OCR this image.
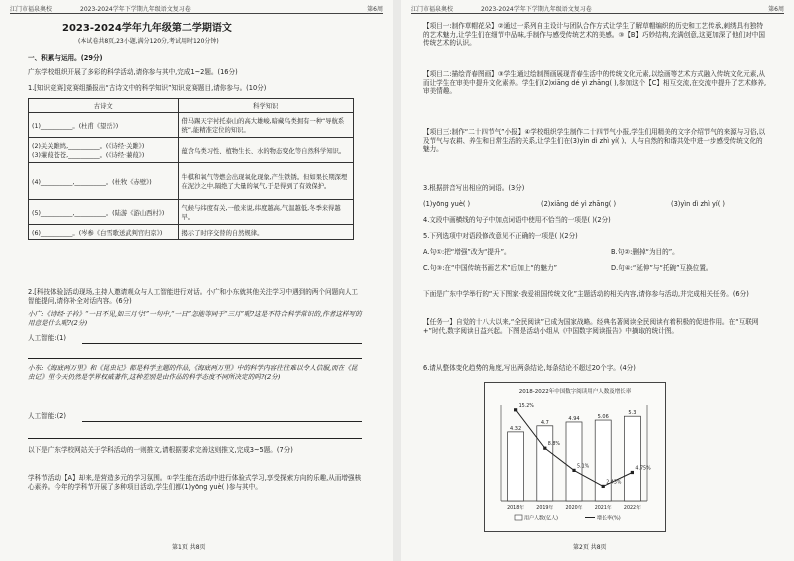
江门市福泉奥校	2023-2024学年下学期九年级语文复习卷	第6周
2023-2024学年九年级第二学期语文
(本试卷共8页,23小题,满分120分,考试用时120分钟)
一、积累与运用。(29分)
广东学校组织开展了多彩的科学活动,请你参与其中,完成1~2题。(16分)
1.[知识竞赛]竞赛组播报出“古诗文中的科学知识”知识竞赛题目,请你参与。(10分)
古诗文	科学知识
(1)__________。(杜甫《望岳》)	借马踢天宇衬托泰山的高大雄峻,暗藏鸟类拥有一种“导航系统”,能精准定位的知识。
(2)关关雎鸠,__________。(《诗经·关雎》)
(3)蒹葭苍苍,__________。(《诗经·蒹葭》)	蕴含鸟类习性、植物生长、水的物态变化等自然科学知识。
(4)__________,__________。(杜牧《赤壁》)	牛棋和氧气等燃会出现氧化现象,产生铁锈。但如果长期深埋在泥沙之中,隔绝了大量的氧气,于是得到了有效保护。
(5)__________,__________。(陆游《游山西村》)	气候与纬度有关,一般来说,纬度越高,气温越低,冬季来得越早。
(6)__________。(岑参《白雪歌送武判官归京》)	揭示了时序交替的自然规律。
2.[科技体验]活动现场,主持人邀请观众与人工智能进行对话。小广和小东就其他关注学习中遇到的两个问题向人工智能提问,请你补全对话内容。(6分)
小广:《诗经·子衿》“一日不见,如三月兮!”一句中,“一日”怎能等同于“三月”呢?这是不符合科学常识的,作者这样写的用意是什么呢?(2分)
人工智能:(1)
小东:《海底两万里》和《昆虫记》都是科学主题的作品,《海底两万里》中的科学内容往往难以令人信服,而在《昆虫记》里今天仍然是学界权威著作,这种差别是由作品的科学态度不同所决定的吗?(2分)
人工智能:(2)
以下是广东学校网站关于学科活动的一则推文,请根据要求完善这则推文,完成3~5题。(7分)
学科节活动【A】却来,是营造多元的学习氛围。①学生能在活动中进行体验式学习,享受探索方向的乐趣,从而增强核心素养。今年的学科节开展了多种项目活动,学生们都(1)yōng yuè( )参与其中。
第1页 共8页
江门市福泉奥校	2023-2024学年下学期九年级语文复习卷	第6周
【项目一:制作草帽花朵】②通过一系列自主设计与团队合作方式让学生了解草帽编织的历史和工艺传承,刺绣具有独特的艺术魅力,让学生们在细节中品味,手制作与感受传统艺术的美感。③【B】巧妙结构,充满创意,这更加深了他们对中国传统艺术的认识。
【项目二:描绘青春图画】③学生通过绘制图画展现青春生活中的传统文化元素,以绘画等艺术方式融入传统文化元素,从而让学生在审美中提升文化素养。学生们(2)xiāng dé yì zhāng( ),参加这个【C】相互交流,在交流中提升了艺术修养,审美情趣。
【项目三:制作“二十四节气”小报】④学校组织学生制作二十四节气小报,学生们用精美的文字介绍节气的来源与习俗,以及节气与农耕、养生和日常生活的关系,让学生们在(3)yìn dì zhì yí( )、人与自然的和谐共处中进一步感受传统文化的魅力。
3.根据拼音写出相应的词语。(3分)
(1)yōng yuè( )	(2)xiāng dé yì zhāng( )	(3)yìn dì zhì yí( )
4.文段中画横线的句子中加点词语中使用不恰当的一项是( )(2分)
5.下列选项中对语段修改意见不正确的一项是( )(2分)
A.句①:把“增强”改为“提升”。	B.句②:删掉“为目的”。
C.句③:在“中国传统书画艺术”后加上“的魅力”	D.句④:“延伸”与“托碗”互换位置。
下面是广东中学举行的“天下图家·我爱祖国传统文化”主题活动的相关内容,请你参与活动,并完成相关任务。(6分)
【任务一】自觉的十八大以来,“全民阅读”已成为国家战略。经典名著阅读全民阅读有着积极的促进作用。在“互联网+”时代,数字阅读日益兴起。下图是活动小组从《中国数字阅读报告》中摘取的统计图。
6.请从整体变化趋势的角度,写出两条结论,每条结论不超过20个字。(4分)
2018-2022年中国数字阅读用户人数及增长率
4.32
2018年
4.7
2019年
4.94
2020年
5.06
2021年
5.3
2022年
15.2%
8.8%
5.1%
2.43%
4.75%
用户人数(亿人)	增长率(%)
第2页 共8页
